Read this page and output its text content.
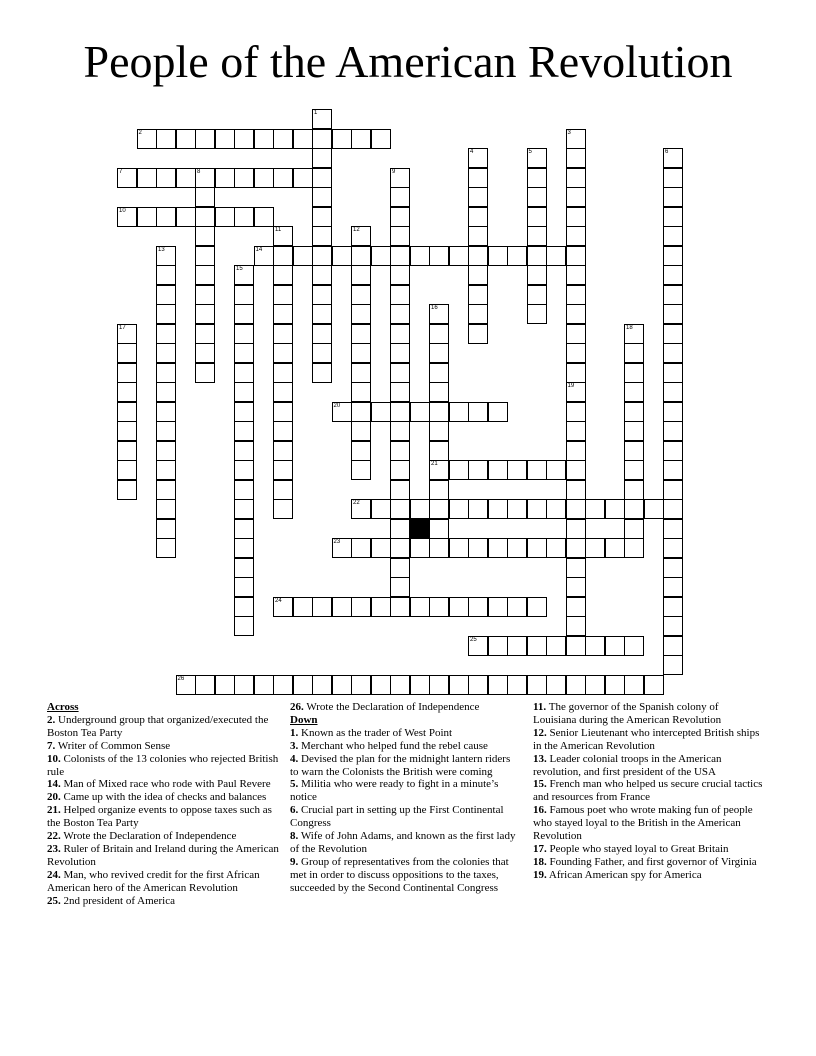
People of the American Revolution
2
7	8
10
14
20
21
22
23
24
25
26
1
3
19
4	5	6
9
11	12
13
15
16
17	18

Across

2. Underground group that organized/executed the Boston Tea Party

7. Writer of Common Sense

10. Colonists of the 13 colonies who rejected British rule

14. Man of Mixed race who rode with Paul Revere

20. Came up with the idea of checks and balances

21. Helped organize events to oppose taxes such as the Boston Tea Party

22. Wrote the Declaration of Independence

23. Ruler of Britain and Ireland during the American Revolution

24. Man, who revived credit for the first African American hero of the American Revolution

25. 2nd president of America

26. Wrote the Declaration of Independence

Down

1. Known as the trader of West Point

3. Merchant who helped fund the rebel cause

4. Devised the plan for the midnight lantern riders to warn the Colonists the British were coming

5. Militia who were ready to fight in a minute’s notice

6. Crucial part in setting up the First Continental Congress

8. Wife of John Adams, and known as the first lady of the Revolution

9. Group of representatives from the colonies that met in order to discuss oppositions to the taxes, succeeded by the Second Continental Congress

11. The governor of the Spanish colony of Louisiana during the American Revolution

12. Senior Lieutenant who intercepted British ships in the American Revolution

13. Leader colonial troops in the American revolution, and first president of the USA

15. French man who helped us secure crucial tactics and resources from France

16. Famous poet who wrote making fun of people who stayed loyal to the British in the American Revolution

17. People who stayed loyal to Great Britain

18. Founding Father, and first governor of Virginia

19. African American spy for America
